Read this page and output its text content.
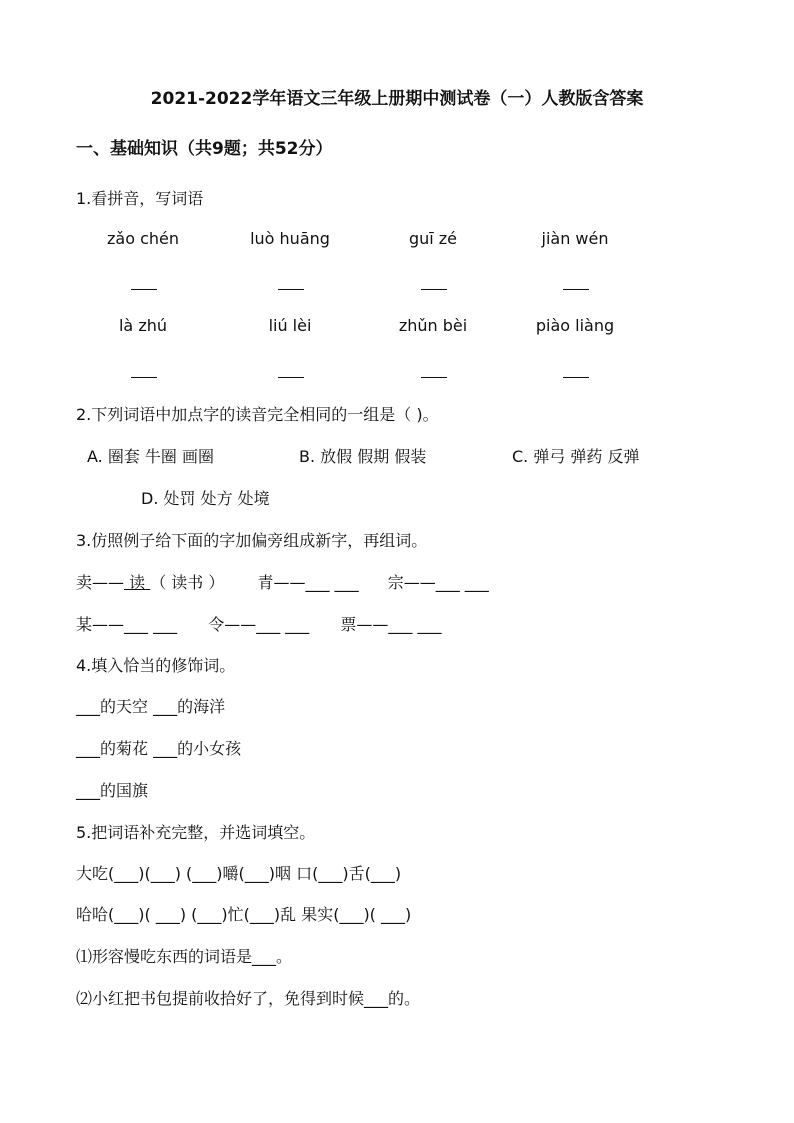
2021-2022学年语文三年级上册期中测试卷（一）人教版含答案
一、基础知识（共9题；共52分）
1.看拼音，写词语
zǎo chén	luò huāng	guī zé	jiàn wén
là zhú	liú lèi	zhǔn bèi	piào liàng
2.下列词语中加点字的读音完全相同的一组是（ )。
A. 圈套 牛圈 画圈	B. 放假 假期 假装	C. 弹弓 弹药 反弹
D. 处罚 处方 处境
3.仿照例子给下面的字加偏旁组成新字，再组词。
卖—— 读 （ 读书 ） 青——___ ___ 宗——___ ___
某——___ ___ 令——___ ___ 票——___ ___
4.填入恰当的修饰词。
___的天空 ___的海洋
___的菊花 ___的小女孩
___的国旗
5.把词语补充完整，并选词填空。
大吃(___)(___) (___)嚼(___)咽 口(___)舌(___)
哈哈(___)( ___) (___)忙(___)乱 果实(___)( ___)
⑴形容慢吃东西的词语是___。
⑵小红把书包提前收拾好了，免得到时候___的。
